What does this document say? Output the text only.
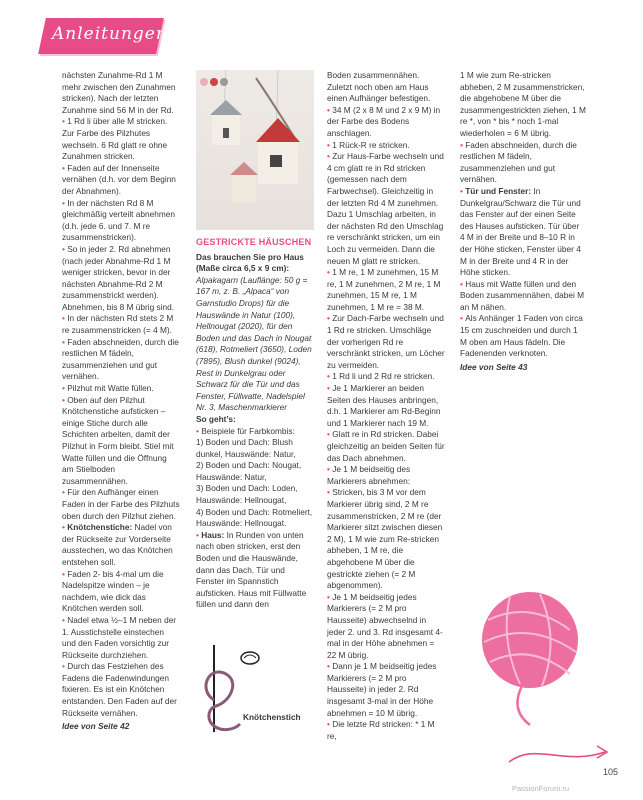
Anleitungen

nächsten Zunahme-Rd 1 M mehr zwischen den Zunahmen stricken). Nach der letzten Zunahme sind 56 M in der Rd.

• 1 Rd li über alle M stricken. Zur Farbe des Pilzhutes wechseln. 6 Rd glatt re ohne Zunahmen stricken.

• Faden auf der Innenseite vernähen (d.h. vor dem Beginn der Abnahmen).

• In der nächsten Rd 8 M gleichmäßig verteilt abnehmen (d.h. jede 6. und 7. M re zusammenstricken).

• So in jeder 2. Rd abnehmen (nach jeder Abnahme-Rd 1 M weniger stricken, bevor in der nächsten Abnahme-Rd 2 M zusammenstrickt werden). Abnehmen, bis 8 M übrig sind.

• In der nächsten Rd stets 2 M re zusammenstricken (= 4 M).

• Faden abschneiden, durch die restlichen M fädeln, zusammenziehen und gut vernähen.

• Pilzhut mit Watte füllen.

• Oben auf den Pilzhut Knötchenstiche aufsticken – einige Stiche durch alle Schichten arbeiten, damit der Pilzhut in Form bleibt. Stiel mit Watte füllen und die Öffnung am Stielboden zusammennähen.

• Für den Aufhänger einen Faden in der Farbe des Pilzhuts oben durch den Pilzhut ziehen.

• Knötchenstiche: Nadel von der Rückseite zur Vorderseite ausstechen, wo das Knötchen entstehen soll.

• Faden 2- bis 4-mal um die Nadelspitze winden – je nachdem, wie dick das Knötchen werden soll.

• Nadel etwa ½–1 M neben der 1. Ausstichstelle einstechen und den Faden vorsichtig zur Rückseite durchziehen.

• Durch das Festziehen des Fadens die Fadenwindungen fixieren. Es ist ein Knötchen entstanden. Den Faden auf der Rückseite vernähen.

Idee von Seite 42

GESTRICKTE HÄUSCHEN

Das brauchen Sie pro Haus (Maße circa 6,5 x 9 cm):

Alpakagarn (Lauflänge: 50 g = 167 m, z. B. „Alpaca“ von Garnstudio Drops) für die Hauswände in Natur (100), Hellnougat (2020), für den Boden und das Dach in Nougat (618), Rotmeliert (3650), Loden (7895), Blush dunkel (9024), Rest in Dunkelgrau oder Schwarz für die Tür und das Fenster, Füllwatte, Nadelspiel Nr. 3, Maschenmarkierer

So geht’s:

• Beispiele für Farbkombis:

1) Boden und Dach: Blush dunkel, Hauswände: Natur,

2) Boden und Dach: Nougat, Hauswände: Natur,

3) Boden und Dach: Loden, Hauswände: Hellnougat,

4) Boden und Dach: Rotmeliert, Hauswände: Hellnougat.

• Haus: In Runden von unten nach oben stricken, erst den Boden und die Hauswände, dann das Dach. Tür und Fenster im Spannstich aufsticken. Haus mit Füllwatte füllen und dann den

Boden zusammennähen. Zuletzt noch oben am Haus einen Aufhänger befestigen.

• 34 M (2 x 8 M und 2 x 9 M) in der Farbe des Bodens anschlagen.

• 1 Rück-R re stricken.

• Zur Haus-Farbe wechseln und 4 cm glatt re in Rd stricken (gemessen nach dem Farbwechsel). Gleichzeitig in der letzten Rd 4 M zunehmen. Dazu 1 Umschlag arbeiten, in der nächsten Rd den Umschlag re verschränkt stricken, um ein Loch zu vermeiden. Dann die neuen M glatt re stricken.

• 1 M re, 1 M zunehmen, 15 M re, 1 M zunehmen, 2 M re, 1 M zunehmen, 15 M re, 1 M zunehmen, 1 M re = 38 M.

• Zur Dach-Farbe wechseln und 1 Rd re stricken. Umschläge der vorherigen Rd re verschränkt stricken, um Löcher zu vermeiden.

• 1 Rd li und 2 Rd re stricken.

• Je 1 Markierer an beiden Seiten des Hauses anbringen, d.h. 1 Markierer am Rd-Beginn und 1 Markierer nach 19 M.

• Glatt re in Rd stricken. Dabei gleichzeitig an beiden Seiten für das Dach abnehmen.

• Je 1 M beidseitig des Markierers abnehmen:

• Stricken, bis 3 M vor dem Markierer übrig sind, 2 M re zusammenstricken, 2 M re (der Markierer sitzt zwischen diesen 2 M), 1 M wie zum Re-stricken abheben, 1 M re, die abgehobene M über die gestrickte ziehen (= 2 M abgenommen).

• Je 1 M beidseitig jedes Markierers (= 2 M pro Hausseite) abwechselnd in jeder 2. und 3. Rd insgesamt 4-mal in der Höhe abnehmen = 22 M übrig.

• Dann je 1 M beidseitig jedes Markierers (= 2 M pro Hausseite) in jeder 2. Rd insgesamt 3-mal in der Höhe abnehmen = 10 M übrig.

• Die letzte Rd stricken: * 1 M re,

1 M wie zum Re-stricken abheben, 2 M zusammenstricken, die abgehobene M über die zusammengestrickten ziehen, 1 M re *, von * bis * noch 1-mal wiederholen = 6 M übrig.

• Faden abschneiden, durch die restlichen M fädeln, zusammenziehen und gut vernähen.

• Tür und Fenster: In Dunkelgrau/Schwarz die Tür und das Fenster auf der einen Seite des Hauses aufsticken. Tür über 4 M in der Breite und 8–10 R in der Höhe sticken, Fenster über 4 M in der Breite und 4 R in der Höhe sticken.

• Haus mit Watte füllen und den Boden zusammennähen, dabei M an M nähen.

• Als Anhänger 1 Faden von circa 15 cm zuschneiden und durch 1 M oben am Haus fädeln. Die Fadenenden verknoten.

Idee von Seite 43

Knötchenstich
105
PassionForum.ru
